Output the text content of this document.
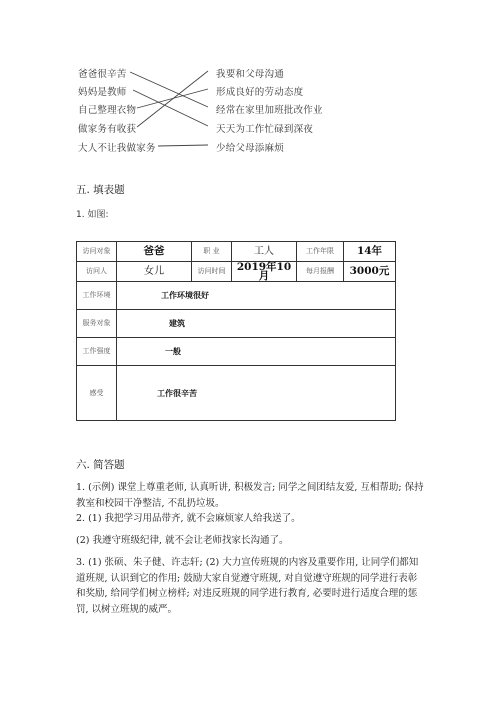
爸爸很辛苦
妈妈是教师
自己整理衣物
做家务有收获
大人不让我做家务
我要和父母沟通
形成良好的劳动态度
经常在家里加班批改作业
天天为工作忙碌到深夜
少给父母添麻烦
五. 填表题
1. 如图:
访问对象	爸爸	职 业	工人	工作年限	14年
访问人	女儿	访问时间	2019年10月	每月报酬	3000元
工作环境	工作环境很好				
服务对象	建筑				
工作强度	一般				
感受	工作很辛苦				
六. 简答题
1. (示例) 课堂上尊重老师, 认真听讲, 积极发言; 同学之间团结友爱, 互相帮助; 保持教室和校园干净整洁, 不乱扔垃圾。
2. (1) 我把学习用品带齐, 就不会麻烦家人给我送了。
(2) 我遵守班级纪律, 就不会让老师找家长沟通了。
3. (1) 张硕、朱子健、许志轩; (2) 大力宣传班规的内容及重要作用, 让同学们都知道班规, 认识到它的作用; 鼓励大家自觉遵守班规, 对自觉遵守班规的同学进行表彰和奖励, 给同学们树立榜样; 对违反班规的同学进行教育, 必要时进行适度合理的惩罚, 以树立班规的威严。
